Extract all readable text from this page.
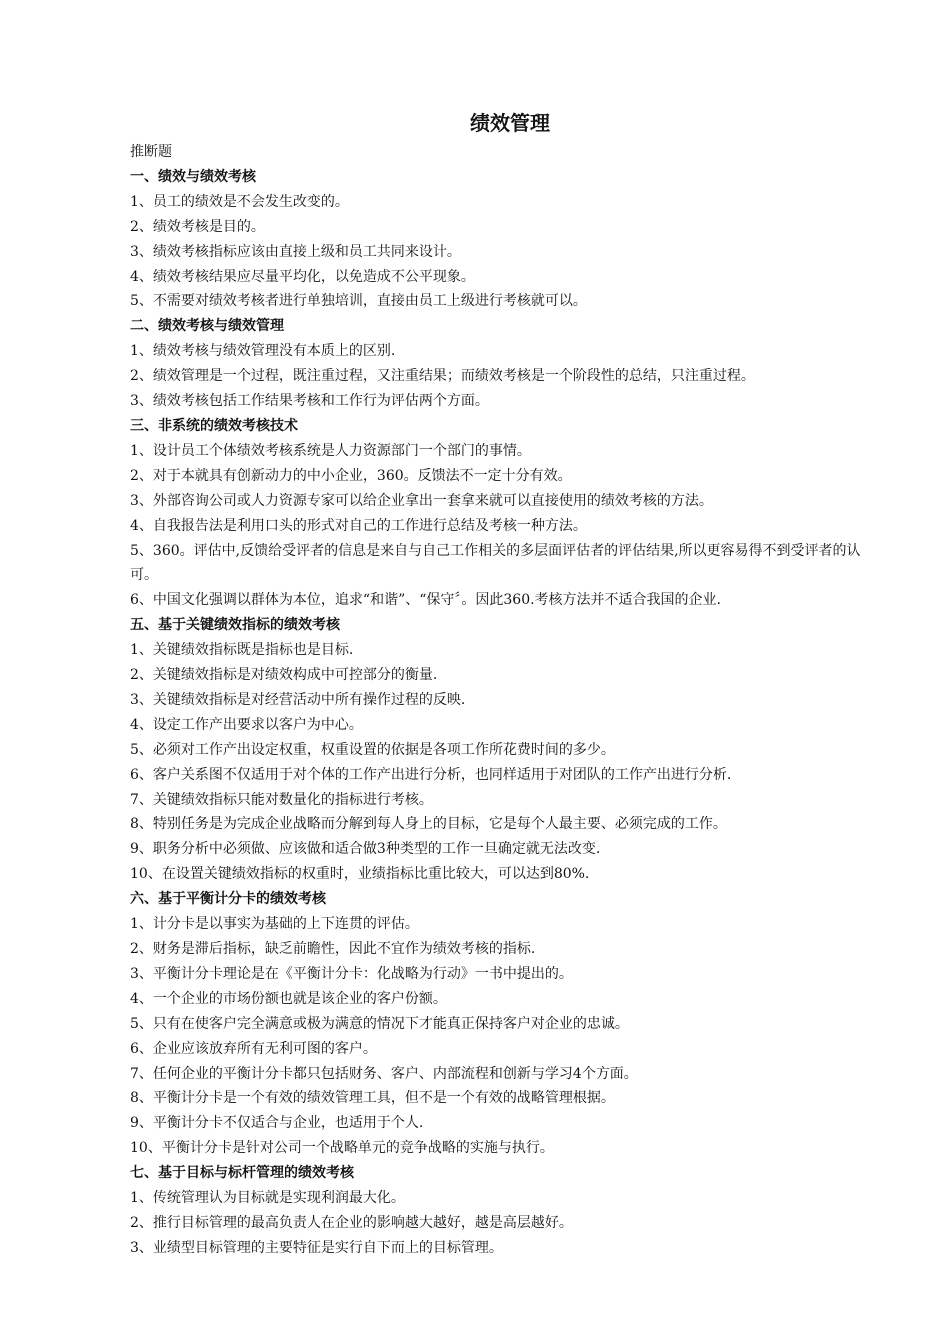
绩效管理
推断题
一、绩效与绩效考核
1、员工的绩效是不会发生改变的。
2、绩效考核是目的。
3、绩效考核指标应该由直接上级和员工共同来设计。
4、绩效考核结果应尽量平均化，以免造成不公平现象。
5、不需要对绩效考核者进行单独培训，直接由员工上级进行考核就可以。
二、绩效考核与绩效管理
1、绩效考核与绩效管理没有本质上的区别.
2、绩效管理是一个过程，既注重过程，又注重结果；而绩效考核是一个阶段性的总结，只注重过程。
3、绩效考核包括工作结果考核和工作行为评估两个方面。
三、非系统的绩效考核技术
1、设计员工个体绩效考核系统是人力资源部门一个部门的事情。
2、对于本就具有创新动力的中小企业，360。反馈法不一定十分有效。
3、外部咨询公司或人力资源专家可以给企业拿出一套拿来就可以直接使用的绩效考核的方法。
4、自我报告法是利用口头的形式对自己的工作进行总结及考核一种方法。
5、360。评估中,反馈给受评者的信息是来自与自己工作相关的多层面评估者的评估结果,所以更容易得不到受评者的认可。
6、中国文化强调以群体为本位，追求“和谐”、“保守〞。因此360.考核方法并不适合我国的企业.
五、基于关键绩效指标的绩效考核
1、关键绩效指标既是指标也是目标.
2、关键绩效指标是对绩效构成中可控部分的衡量.
3、关键绩效指标是对经营活动中所有操作过程的反映.
4、设定工作产出要求以客户为中心。
5、必须对工作产出设定权重，权重设置的依据是各项工作所花费时间的多少。
6、客户关系图不仅适用于对个体的工作产出进行分析，也同样适用于对团队的工作产出进行分析.
7、关键绩效指标只能对数量化的指标进行考核。
8、特别任务是为完成企业战略而分解到每人身上的目标，它是每个人最主要、必须完成的工作。
9、职务分析中必须做、应该做和适合做3种类型的工作一旦确定就无法改变.
10、在设置关键绩效指标的权重时，业绩指标比重比较大，可以达到80%.
六、基于平衡计分卡的绩效考核
1、计分卡是以事实为基础的上下连贯的评估。
2、财务是滞后指标，缺乏前瞻性，因此不宜作为绩效考核的指标.
3、平衡计分卡理论是在《平衡计分卡：化战略为行动》一书中提出的。
4、一个企业的市场份额也就是该企业的客户份额。
5、只有在使客户完全满意或极为满意的情况下才能真正保持客户对企业的忠诚。
6、企业应该放弃所有无利可图的客户。
7、任何企业的平衡计分卡都只包括财务、客户、内部流程和创新与学习4个方面。
8、平衡计分卡是一个有效的绩效管理工具，但不是一个有效的战略管理根据。
9、平衡计分卡不仅适合与企业，也适用于个人.
10、平衡计分卡是针对公司一个战略单元的竞争战略的实施与执行。
七、基于目标与标杆管理的绩效考核
1、传统管理认为目标就是实现利润最大化。
2、推行目标管理的最高负责人在企业的影响越大越好，越是高层越好。
3、业绩型目标管理的主要特征是实行自下而上的目标管理。
